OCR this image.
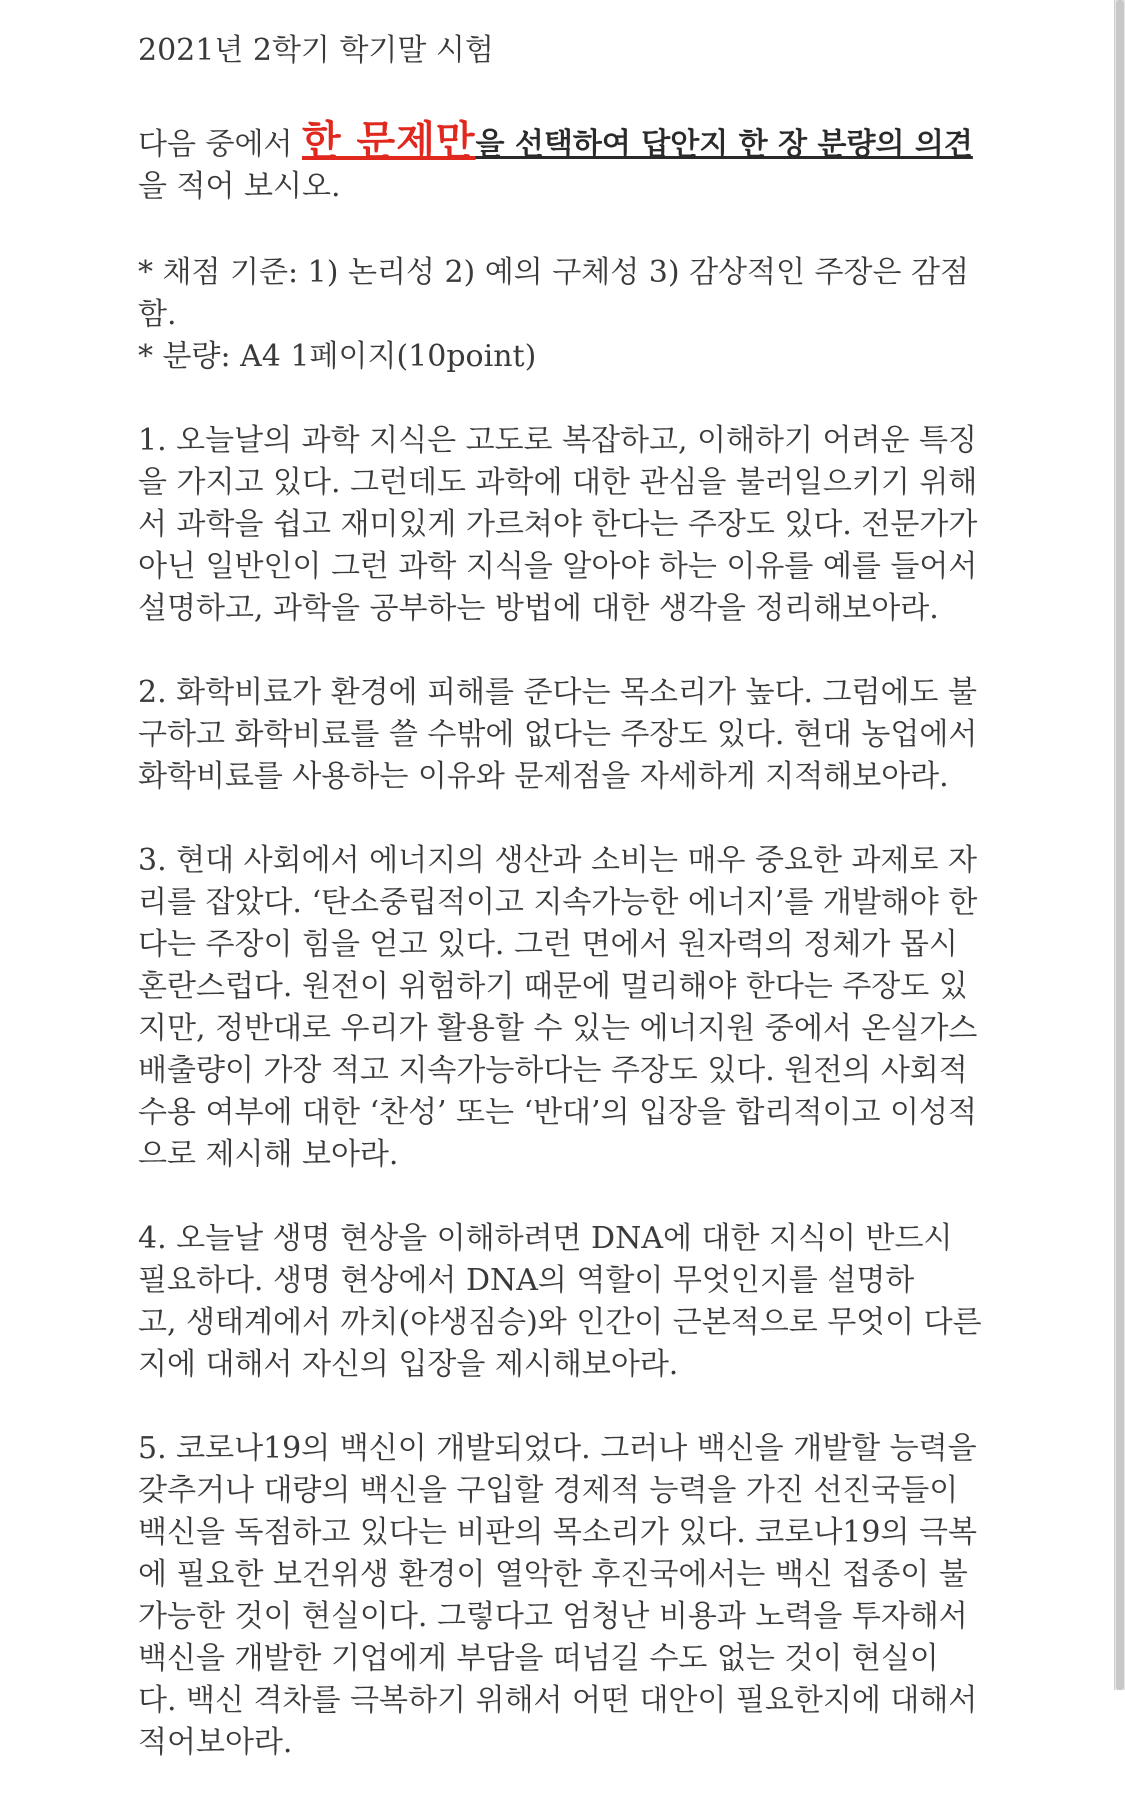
2021년 2학기 학기말 시험
다음 중에서 한 문제만을 선택하여 답안지 한 장 분량의 의견
을 적어 보시오.
* 채점 기준: 1) 논리성 2) 예의 구체성 3) 감상적인 주장은 감점
함.
* 분량: A4 1페이지(10point)
1. 오늘날의 과학 지식은 고도로 복잡하고, 이해하기 어려운 특징
을 가지고 있다. 그런데도 과학에 대한 관심을 불러일으키기 위해
서 과학을 쉽고 재미있게 가르쳐야 한다는 주장도 있다. 전문가가
아닌 일반인이 그런 과학 지식을 알아야 하는 이유를 예를 들어서
설명하고, 과학을 공부하는 방법에 대한 생각을 정리해보아라.
2. 화학비료가 환경에 피해를 준다는 목소리가 높다. 그럼에도 불
구하고 화학비료를 쓸 수밖에 없다는 주장도 있다. 현대 농업에서
화학비료를 사용하는 이유와 문제점을 자세하게 지적해보아라.
3. 현대 사회에서 에너지의 생산과 소비는 매우 중요한 과제로 자
리를 잡았다. ‘탄소중립적이고 지속가능한 에너지’를 개발해야 한
다는 주장이 힘을 얻고 있다. 그런 면에서 원자력의 정체가 몹시
혼란스럽다. 원전이 위험하기 때문에 멀리해야 한다는 주장도 있
지만, 정반대로 우리가 활용할 수 있는 에너지원 중에서 온실가스
배출량이 가장 적고 지속가능하다는 주장도 있다. 원전의 사회적
수용 여부에 대한 ‘찬성’ 또는 ‘반대’의 입장을 합리적이고 이성적
으로 제시해 보아라.
4. 오늘날 생명 현상을 이해하려면 DNA에 대한 지식이 반드시
필요하다. 생명 현상에서 DNA의 역할이 무엇인지를 설명하
고, 생태계에서 까치(야생짐승)와 인간이 근본적으로 무엇이 다른
지에 대해서 자신의 입장을 제시해보아라.
5. 코로나19의 백신이 개발되었다. 그러나 백신을 개발할 능력을
갖추거나 대량의 백신을 구입할 경제적 능력을 가진 선진국들이
백신을 독점하고 있다는 비판의 목소리가 있다. 코로나19의 극복
에 필요한 보건위생 환경이 열악한 후진국에서는 백신 접종이 불
가능한 것이 현실이다. 그렇다고 엄청난 비용과 노력을 투자해서
백신을 개발한 기업에게 부담을 떠넘길 수도 없는 것이 현실이
다. 백신 격차를 극복하기 위해서 어떤 대안이 필요한지에 대해서
적어보아라.
